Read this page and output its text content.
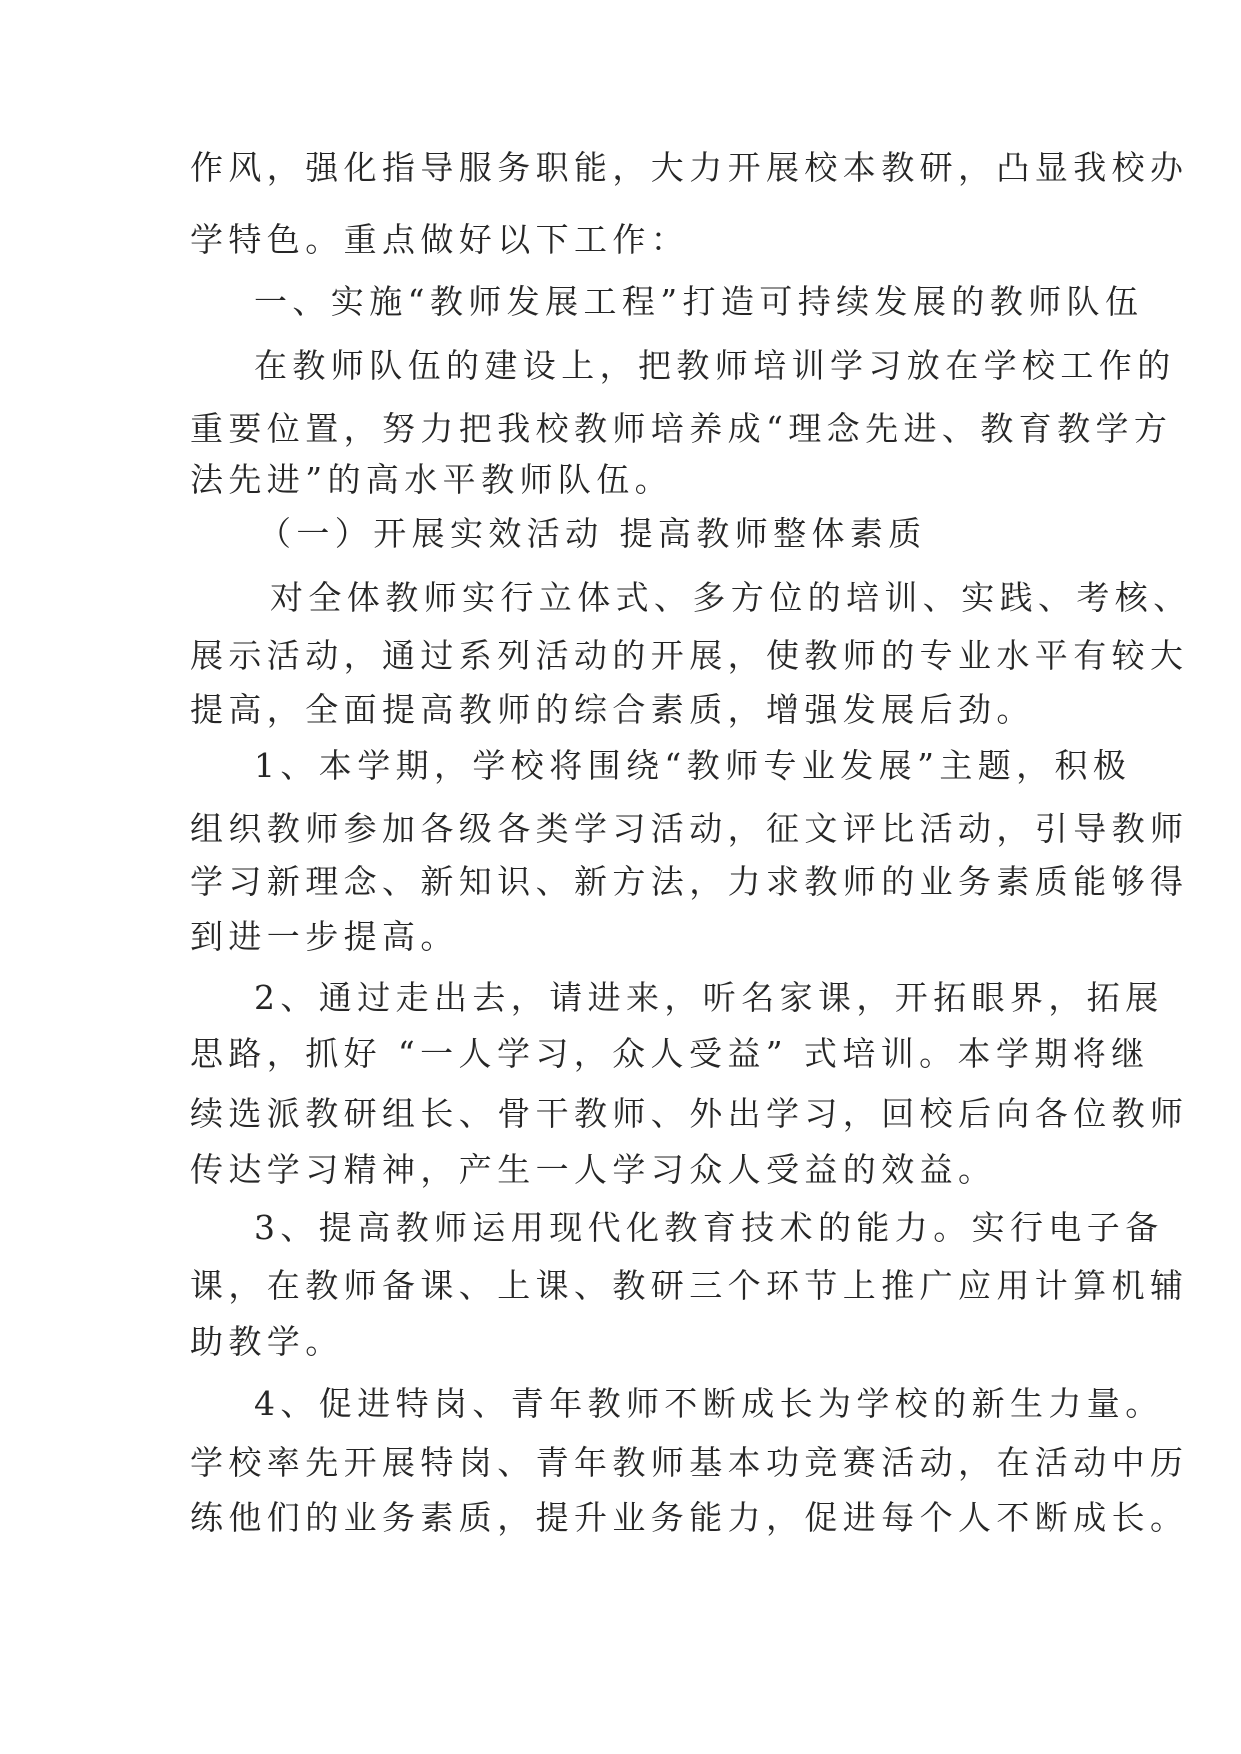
作风，强化指导服务职能，大力开展校本教研，凸显我校办
学特色。重点做好以下工作：
一、实施“教师发展工程”打造可持续发展的教师队伍
在教师队伍的建设上，把教师培训学习放在学校工作的
重要位置，努力把我校教师培养成“理念先进、教育教学方
法先进”的高水平教师队伍。
（一）开展实效活动 提高教师整体素质
对全体教师实行立体式、多方位的培训、实践、考核、
展示活动，通过系列活动的开展，使教师的专业水平有较大
提高，全面提高教师的综合素质，增强发展后劲。
1、本学期，学校将围绕“教师专业发展”主题，积极
组织教师参加各级各类学习活动，征文评比活动，引导教师
学习新理念、新知识、新方法，力求教师的业务素质能够得
到进一步提高。
2、通过走出去，请进来，听名家课，开拓眼界，拓展
思路，抓好 “一人学习，众人受益” 式培训。本学期将继
续选派教研组长、骨干教师、外出学习，回校后向各位教师
传达学习精神，产生一人学习众人受益的效益。
3、提高教师运用现代化教育技术的能力。实行电子备
课，在教师备课、上课、教研三个环节上推广应用计算机辅
助教学。
4、促进特岗、青年教师不断成长为学校的新生力量。
学校率先开展特岗、青年教师基本功竞赛活动，在活动中历
练他们的业务素质，提升业务能力，促进每个人不断成长。
